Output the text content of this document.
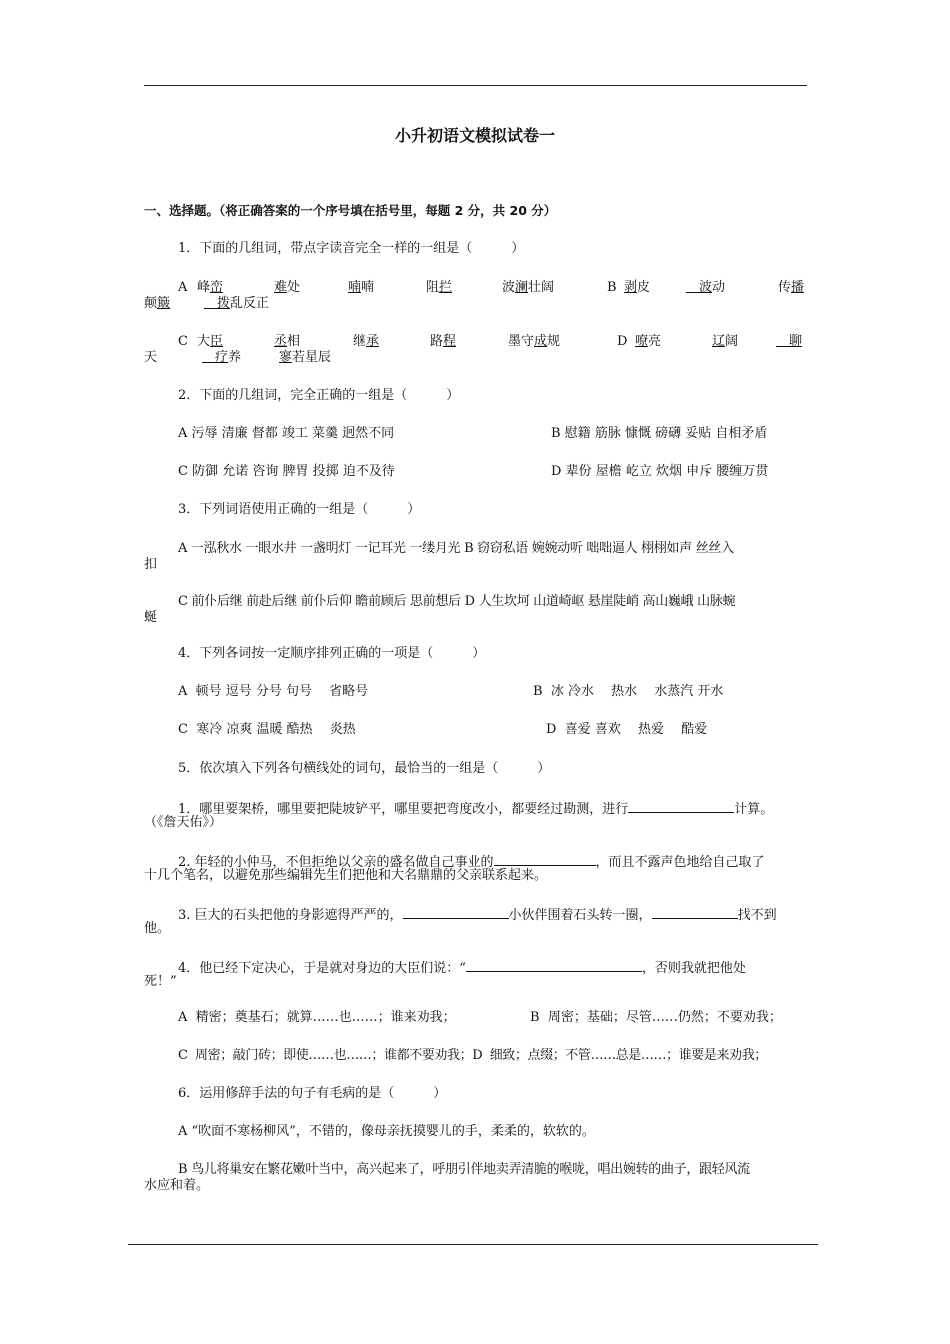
小升初语文模拟试卷一
一、选择题。（将正确答案的一个序号填在括号里，每题 2 分，共 20 分）
1．下面的几组词，带点字读音完全一样的一组是（　　　）
A 峰峦	难处	喃喃	阻拦	波澜壮阔	B 剥皮	　波动	传播
颠簸	　拨乱反正
C 大臣	丞相	继承	路程	墨守成规	D 嘹亮	辽阔	　聊
天	　疗养	寥若星辰
2．下面的几组词，完全正确的一组是（　　　）
A 污辱 清廉 督都 竣工 菜羹 迥然不同	B 慰籍 筋脉 慷慨 磅礴 妥贴 自相矛盾
C 防御 允诺 咨询 脾胃 投掷 迫不及待	D 辈份 屋檐 屹立 炊烟 申斥 腰缠万贯
3．下列词语使用正确的一组是（　　　）
A 一泓秋水 一眼水井 一盏明灯 一记耳光 一缕月光 B 窃窃私语 婉婉动听 咄咄逼人 栩栩如声 丝丝入
扣
C 前仆后继 前赴后继 前仆后仰 瞻前顾后 思前想后 D 人生坎坷 山道崎岖 悬崖陡峭 高山巍峨 山脉蜿
蜒
4．下列各词按一定顺序排列正确的一项是（　　　）
A  顿号 逗号 分号 句号　 省略号	B  冰 冷水　 热水　 水蒸汽 开水
C  寒冷 凉爽 温暖 酷热　 炎热	D  喜爱 喜欢　 热爱　 酷爱
5．依次填入下列各句横线处的词句，最恰当的一组是（　　　）
1．哪里要架桥，哪里要把陡坡铲平，哪里要把弯度改小，都要经过勘测，进行	计算。
（《詹天佑》）
2. 年轻的小仲马，不但拒绝以父亲的盛名做自己事业的	，而且不露声色地给自己取了
十几个笔名，以避免那些编辑先生们把他和大名鼎鼎的父亲联系起来。
3. 巨大的石头把他的身影遮得严严的，	小伙伴围着石头转一圈，	找不到
他。
4．他已经下定决心，于是就对身边的大臣们说：“	，否则我就把他处
死！”
A  精密；奠基石；就算……也……；谁来劝我；	B  周密；基础；尽管……仍然；不要劝我；
C  周密；敲门砖；即使……也……；谁都不要劝我；D  细致；点缀；不管……总是……；谁要是来劝我；
6．运用修辞手法的句子有毛病的是（　　　）
A “吹面不寒杨柳风”，不错的，像母亲抚摸婴儿的手，柔柔的，软软的。
B 鸟儿将巢安在繁花嫩叶当中，高兴起来了，呼朋引伴地卖弄清脆的喉咙，唱出婉转的曲子，跟轻风流
水应和着。
